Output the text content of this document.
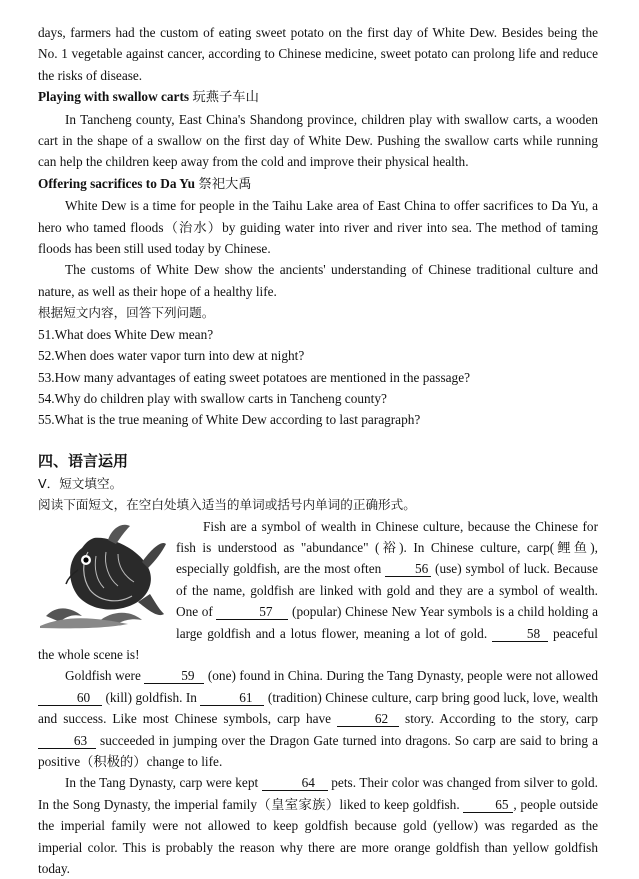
days, farmers had the custom of eating sweet potato on the first day of White Dew. Besides being the No. 1 vegetable against cancer, according to Chinese medicine, sweet potato can prolong life and reduce the risks of disease.

Playing with swallow carts 玩燕子车山

In Tancheng county, East China's Shandong province, children play with swallow carts, a wooden cart in the shape of a swallow on the first day of White Dew. Pushing the swallow carts while running can help the children keep away from the cold and improve their physical health.

Offering sacrifices to Da Yu 祭祀大禹

White Dew is a time for people in the Taihu Lake area of East China to offer sacrifices to Da Yu, a hero who tamed floods（治水）by guiding water into river and river into sea. The method of taming floods has been still used today by Chinese.

The customs of White Dew show the ancients' understanding of Chinese traditional culture and nature, as well as their hope of a healthy life.

根据短文内容，回答下列问题。

51.What does White Dew mean?

52.When does water vapor turn into dew at night?

53.How many advantages of eating sweet potatoes are mentioned in the passage?

54.Why do children play with swallow carts in Tancheng county?

55.What is the true meaning of White Dew according to last paragraph?

四、语言运用

V．短文填空。

阅读下面短文，在空白处填入适当的单词或括号内单词的正确形式。

Fish are a symbol of wealth in Chinese culture, because the Chinese for fish is understood as "abundance" (裕). In Chinese culture, carp(鲤鱼), especially goldfish, are the most often 56 (use) symbol of luck. Because of the name, goldfish are linked with gold and they are a symbol of wealth. One of	57 (popular) Chinese New Year symbols is a child holding a large goldfish and a lotus flower, meaning a lot of gold.	58 peaceful the whole scene is!

Goldfish were	59 (one) found in China. During the Tang Dynasty, people were not allowed 60 (kill) goldfish. In	61 (tradition) Chinese culture, carp bring good luck, love, wealth and success. Like most Chinese symbols, carp have	62 story. According to the story, carp 63 succeeded in jumping over the Dragon Gate turned into dragons. So carp are said to bring a positive（积极的）change to life.

In the Tang Dynasty, carp were kept	64 pets. Their color was changed from silver to gold. In the Song Dynasty, the imperial family（皇室家族）liked to keep goldfish. 65 , people outside the imperial family were not allowed to keep goldfish because gold (yellow) was regarded as the imperial color. This is probably the reason why there are more orange goldfish than yellow goldfish today.
